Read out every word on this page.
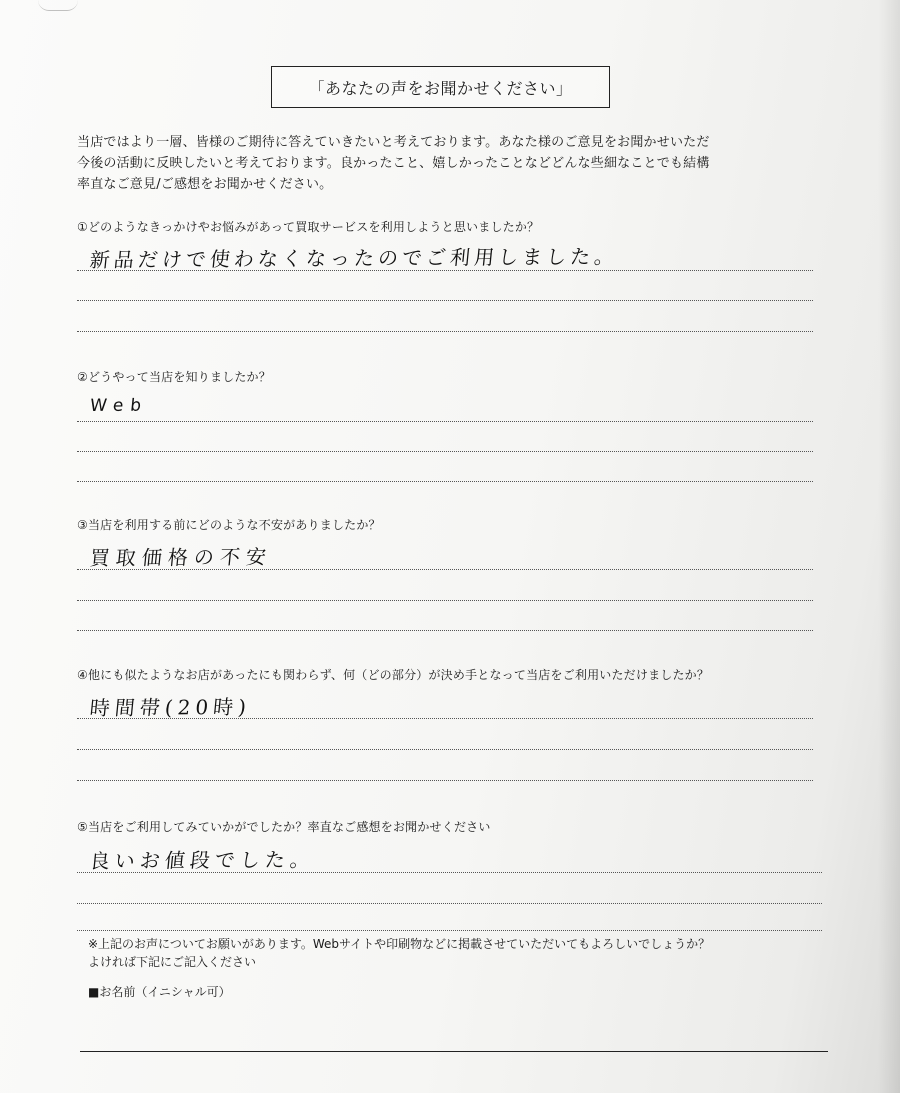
「あなたの声をお聞かせください」
当店ではより一層、皆様のご期待に答えていきたいと考えております。あなた様のご意見をお聞かせいただ
今後の活動に反映したいと考えております。良かったこと、嬉しかったことなどどんな些細なことでも結構
率直なご意見/ご感想をお聞かせください。
①どのようなきっかけやお悩みがあって買取サービスを利用しようと思いましたか？
新品だけで使わなくなったのでご利用しました。
②どうやって当店を知りましたか？
Web
③当店を利用する前にどのような不安がありましたか？
買取価格の不安
④他にも似たようなお店があったにも関わらず、何（どの部分）が決め手となって当店をご利用いただけましたか？
時間帯(20時)
⑤当店をご利用してみていかがでしたか？率直なご感想をお聞かせください
良いお値段でした。
※上記のお声についてお願いがあります。Webサイトや印刷物などに掲載させていただいてもよろしいでしょうか？
よければ下記にご記入ください
■お名前（イニシャル可）
